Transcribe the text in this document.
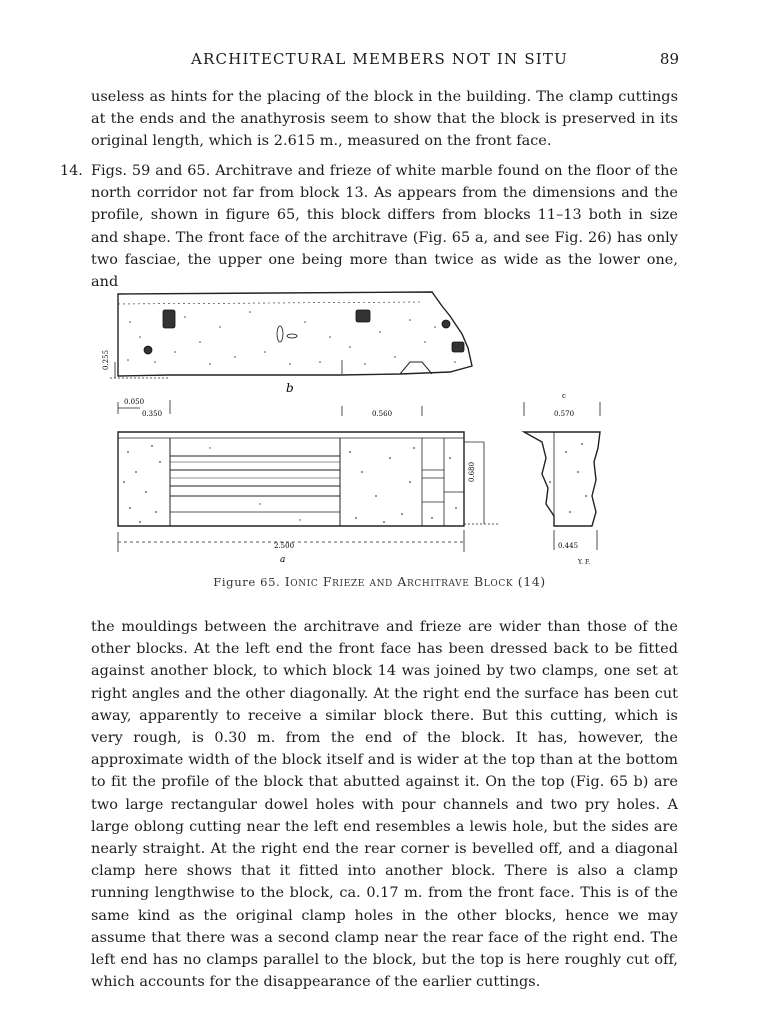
ARCHITECTURAL MEMBERS NOT IN SITU	89

useless as hints for the placing of the block in the building. The clamp cuttings at the ends and the anathyrosis seem to show that the block is preserved in its original length, which is 2.615 m., measured on the front face.

14. Figs. 59 and 65. Architrave and frieze of white marble found on the floor of the north corridor not far from block 13. As appears from the dimensions and the profile, shown in figure 65, this block differs from blocks 11–13 both in size and shape. The front face of the architrave (Fig. 65 a, and see Fig. 26) has only two fasciae, the upper one being more than twice as wide as the lower one, and

0.255
b
0.050
0.350	0.560
0.680
2.500
a
c
0.570
0.445
Y. F.
Figure 65. Ionic Frieze and Architrave Block (14)

the mouldings between the architrave and frieze are wider than those of the other blocks. At the left end the front face has been dressed back to be fitted against another block, to which block 14 was joined by two clamps, one set at right angles and the other diagonally. At the right end the surface has been cut away, apparently to receive a similar block there. But this cutting, which is very rough, is 0.30 m. from the end of the block. It has, however, the approximate width of the block itself and is wider at the top than at the bottom to fit the profile of the block that abutted against it. On the top (Fig. 65 b) are two large rectangular dowel holes with pour channels and two pry holes. A large oblong cutting near the left end resembles a lewis hole, but the sides are nearly straight. At the right end the rear corner is bevelled off, and a diagonal clamp here shows that it fitted into another block. There is also a clamp running lengthwise to the block, ca. 0.17 m. from the front face. This is of the same kind as the original clamp holes in the other blocks, hence we may assume that there was a second clamp near the rear face of the right end. The left end has no clamps parallel to the block, but the top is here roughly cut off, which accounts for the disappearance of the earlier cuttings.
